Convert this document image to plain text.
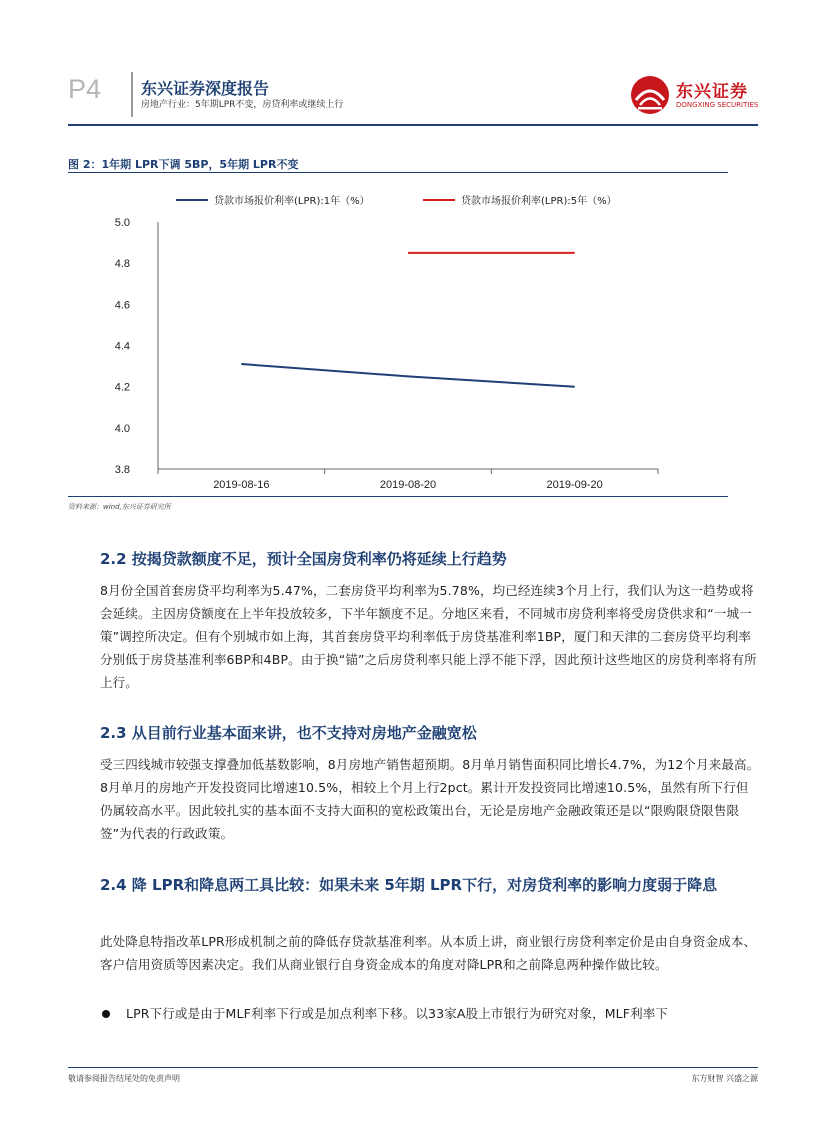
P4 东兴证券深度报告
房地产行业：5年期LPR不变，房贷利率或继续上行
东兴证券
DONGXING SECURITIES
图 2：1年期 LPR下调 5BP，5年期 LPR不变
贷款市场报价利率(LPR):1年（%）	贷款市场报价利率(LPR):5年（%）
3.8
4.0
4.2
4.4
4.6
4.8
5.0
2019-08-16	2019-08-20	2019-09-20
资料来源：wind,东兴证券研究所
2.2 按揭贷款额度不足，预计全国房贷利率仍将延续上行趋势
8月份全国首套房贷平均利率为5.47%，二套房贷平均利率为5.78%，均已经连续3个月上行，我们认为这一趋势或将会延续。主因房贷额度在上半年投放较多，下半年额度不足。分地区来看，不同城市房贷利率将受房贷供求和“一城一策”调控所决定。但有个别城市如上海，其首套房贷平均利率低于房贷基准利率1BP，厦门和天津的二套房贷平均利率分别低于房贷基准利率6BP和4BP。由于换“锚”之后房贷利率只能上浮不能下浮，因此预计这些地区的房贷利率将有所上行。
2.3 从目前行业基本面来讲，也不支持对房地产金融宽松
受三四线城市较强支撑叠加低基数影响，8月房地产销售超预期。8月单月销售面积同比增长4.7%，为12个月来最高。8月单月的房地产开发投资同比增速10.5%，相较上个月上行2pct。累计开发投资同比增速10.5%，虽然有所下行但仍属较高水平。因此较扎实的基本面不支持大面积的宽松政策出台，无论是房地产金融政策还是以“限购限贷限售限签”为代表的行政政策。
2.4 降 LPR和降息两工具比较：如果未来 5年期 LPR下行，对房贷利率的影响力度弱于降息
此处降息特指改革LPR形成机制之前的降低存贷款基准利率。从本质上讲，商业银行房贷利率定价是由自身资金成本、客户信用资质等因素决定。我们从商业银行自身资金成本的角度对降LPR和之前降息两种操作做比较。
LPR下行或是由于MLF利率下行或是加点利率下移。以33家A股上市银行为研究对象，MLF利率下
敬请参阅报告结尾处的免责声明	东方财智 兴盛之源
